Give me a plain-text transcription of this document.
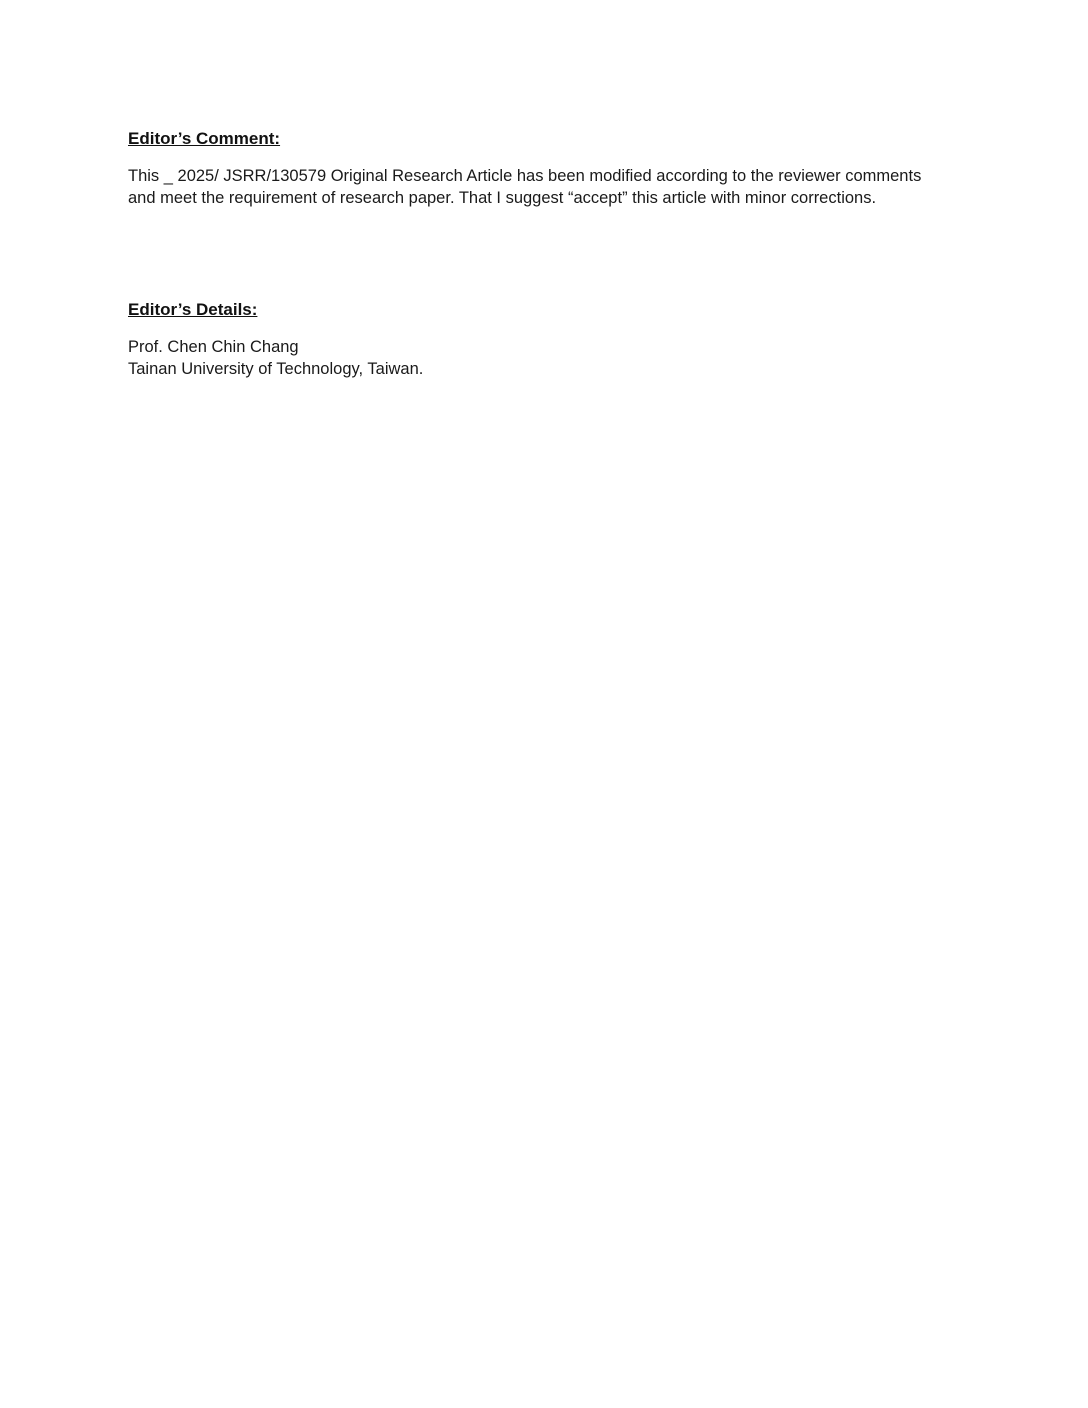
Editor’s Comment:

This _ 2025/ JSRR/130579 Original Research Article has been modified according to the reviewer comments and meet the requirement of research paper. That I suggest “accept” this article with minor corrections.

Editor’s Details:
Prof. Chen Chin Chang
Tainan University of Technology, Taiwan.
